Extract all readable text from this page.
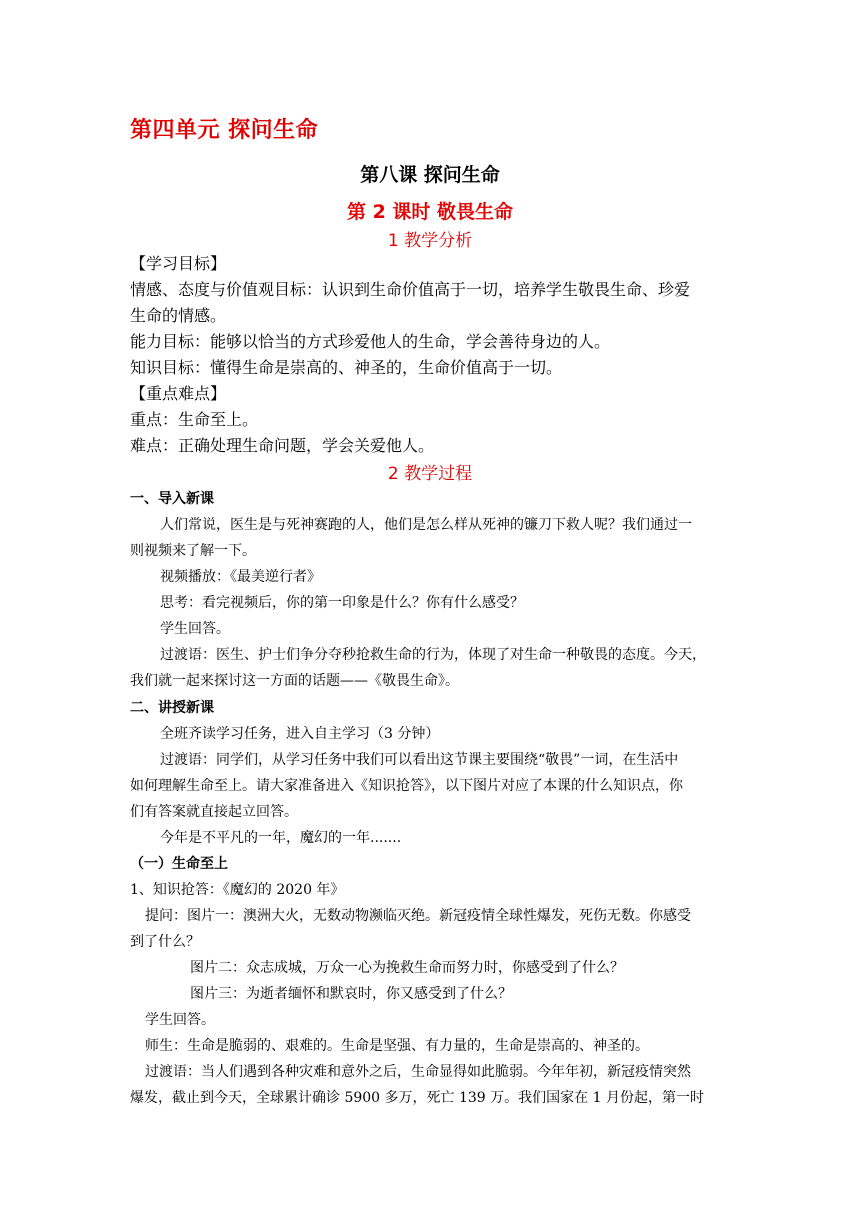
第四单元 探问生命
第八课 探问生命
第 2 课时 敬畏生命
1 教学分析
【学习目标】
情感、态度与价值观目标：认识到生命价值高于一切，培养学生敬畏生命、珍爱
生命的情感。
能力目标：能够以恰当的方式珍爱他人的生命，学会善待身边的人。
知识目标：懂得生命是崇高的、神圣的，生命价值高于一切。
【重点难点】
重点：生命至上。
难点：正确处理生命问题，学会关爱他人。
2 教学过程
一、导入新课
人们常说，医生是与死神赛跑的人，他们是怎么样从死神的镰刀下救人呢？我们通过一
则视频来了解一下。
视频播放：《最美逆行者》
思考：看完视频后，你的第一印象是什么？你有什么感受？
学生回答。
过渡语：医生、护士们争分夺秒抢救生命的行为，体现了对生命一种敬畏的态度。今天，
我们就一起来探讨这一方面的话题——《敬畏生命》。
二、讲授新课
全班齐读学习任务，进入自主学习（3 分钟）
过渡语：同学们，从学习任务中我们可以看出这节课主要围绕“敬畏”一词，在生活中
如何理解生命至上。请大家准备进入《知识抢答》，以下图片对应了本课的什么知识点，你
们有答案就直接起立回答。
今年是不平凡的一年，魔幻的一年.......
（一）生命至上
1、知识抢答：《魔幻的 2020 年》
提问：图片一：澳洲大火，无数动物濒临灭绝。新冠疫情全球性爆发，死伤无数。你感受
到了什么？
图片二：众志成城，万众一心为挽救生命而努力时，你感受到了什么？
图片三：为逝者缅怀和默哀时，你又感受到了什么？
学生回答。
师生：生命是脆弱的、艰难的。生命是坚强、有力量的，生命是崇高的、神圣的。
过渡语：当人们遇到各种灾难和意外之后，生命显得如此脆弱。今年年初，新冠疫情突然
爆发，截止到今天，全球累计确诊 5900 多万，死亡 139 万。我们国家在 1 月份起，第一时
